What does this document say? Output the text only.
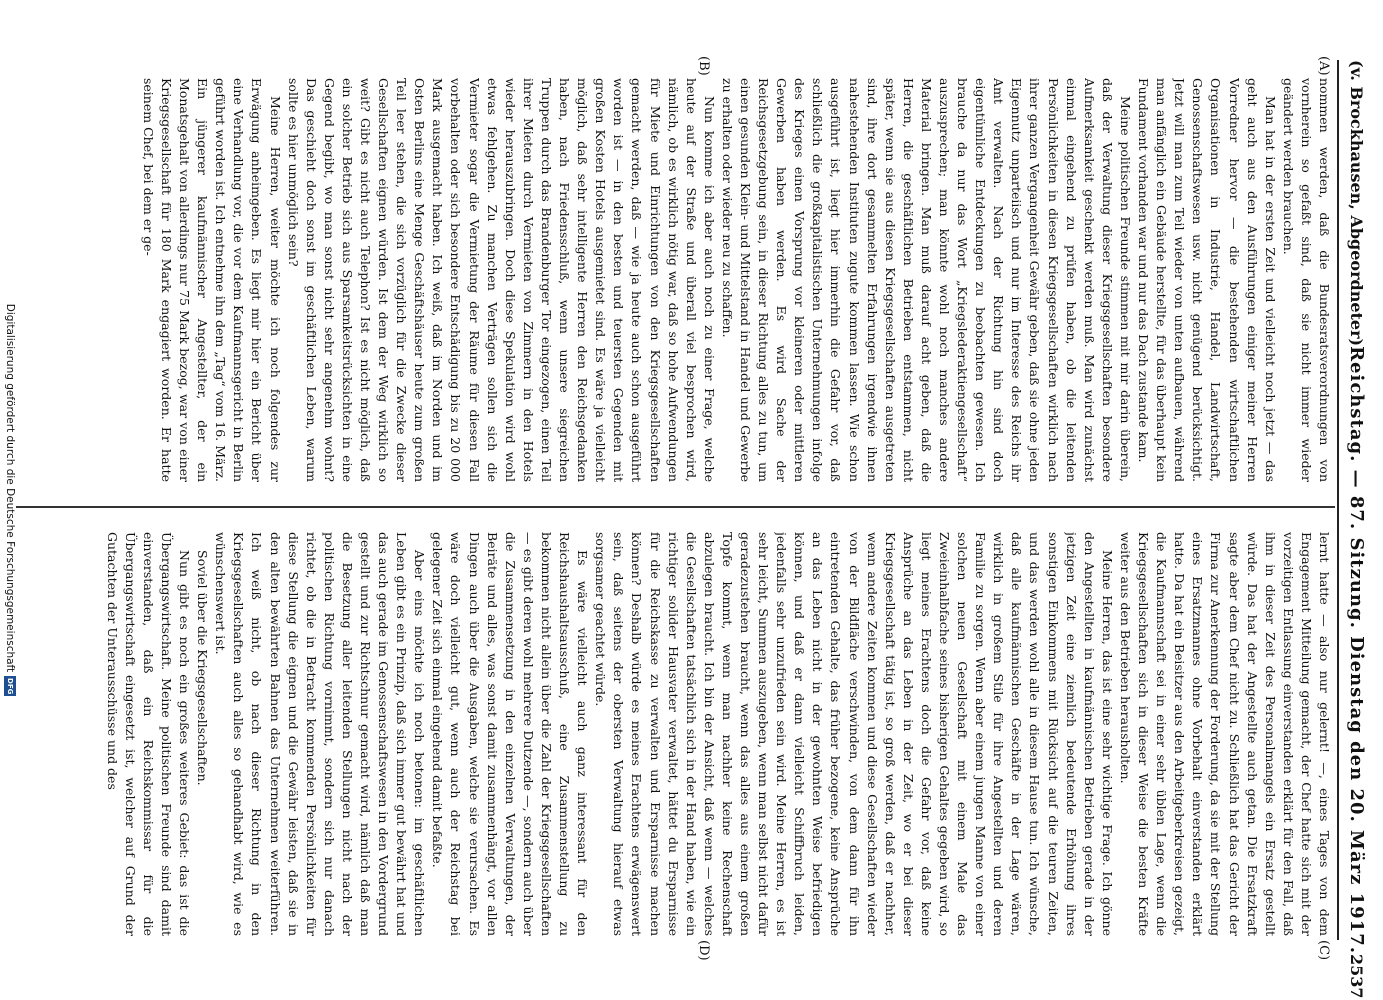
(v. Brockhausen, Abgeordneter)
Reichstag. — 87. Sitzung. Dienstag den 20. März 1917.
2537
(A)
(B)
(C)
(D)

nommen werden, daß die Bundesratsverordnungen von vornherein so gefaßt sind, daß sie nicht immer wieder geändert werden brauchen.

Man hat in der ersten Zeit und vielleicht noch jetzt — das geht auch aus den Ausführungen einiger meiner Herren Vorredner hervor — die bestehenden wirtschaftlichen Organisationen in Industrie, Handel, Landwirtschaft, Genossenschaftswesen usw. nicht genügend berücksichtigt. Jetzt will man zum Teil wieder von unten aufbauen, während man anfänglich ein Gebäude herstellte, für das überhaupt kein Fundament vorhanden war und nur das Dach zustande kam.

Meine politischen Freunde stimmen mit mir darin überein, daß der Verwaltung dieser Kriegsgesellschaften besondere Aufmerksamkeit geschenkt werden muß. Man wird zunächst einmal eingehend zu prüfen haben, ob die leitenden Persönlichkeiten in diesen Kriegsgesellschaften wirklich nach ihrer ganzen Vergangenheit Gewähr geben, daß sie ohne jeden Eigennutz unparteiisch und nur im Interesse des Reichs ihr Amt verwalten. Nach der Richtung hin sind doch eigentümliche Entdeckungen zu beobachten gewesen. Ich brauche da nur das Wort „Kriegslederaktiengesellschaft“ auszusprechen; man könnte wohl noch manches andere Material bringen. Man muß darauf acht geben, daß die Herren, die geschäftlichen Betrieben entstammen, nicht später, wenn sie aus diesen Kriegsgesellschaften ausgetreten sind, ihre dort gesammelten Erfahrungen irgendwie ihnen nahestehenden Instituten zugute kommen lassen. Wie schon ausgeführt ist, liegt hier immerhin die Gefahr vor, daß schließlich die großkapitalistischen Unternehmungen infolge des Krieges einen Vorsprung vor kleineren oder mittleren Gewerben haben werden. Es wird Sache der Reichsgesetzgebung sein, in dieser Richtung alles zu tun, um einen gesunden Klein- und Mittelstand in Handel und Gewerbe zu erhalten oder wieder neu zu schaffen.

Nun komme ich aber auch noch zu einer Frage, welche heute auf der Straße und überall viel besprochen wird, nämlich, ob es wirklich nötig war, daß so hohe Aufwendungen für Miete und Einrichtungen von den Kriegsgesellschaften gemacht werden, daß — wie ja heute auch schon ausgeführt worden ist — in den besten und teuersten Gegenden mit großen Kosten Hotels ausgemietet sind. Es wäre ja vielleicht möglich, daß sehr intelligente Herren den Reichsgedanken haben, nach Friedensschluß, wenn unsere siegreichen Truppen durch das Brandenburger Tor eingezogen, einen Teil ihrer Mieten durch Vermieten von Zimmern in den Hotels wieder herauszubringen. Doch diese Spekulation wird wohl etwas fehlgehen. Zu manchen Verträgen sollen sich die Vermieter sogar die Vermietung der Räume für diesen Fall vorbehalten oder sich besondere Entschädigung bis zu 20 000 Mark ausgemacht haben. Ich weiß, daß im Norden und im Osten Berlins eine Menge Geschäftshäuser heute zum großen Teil leer stehen, die sich vorzüglich für die Zwecke dieser Gesellschaften eignen würden. Ist dem der Weg wirklich so weit? Gibt es nicht auch Telephon? Ist es nicht möglich, daß ein solcher Betrieb sich aus Sparsamkeitsrücksichten in eine Gegend begibt, wo man sonst nicht sehr angenehm wohnt? Das geschieht doch sonst im geschäftlichen Leben, warum sollte es hier unmöglich sein?

Meine Herren, weiter möchte ich noch folgendes zur Erwägung anheimgeben. Es liegt mir hier ein Bericht über eine Verhandlung vor, die vor dem Kaufmannsgericht in Berlin geführt worden ist. Ich entnehme ihn dem „Tag“ vom 16. März. Ein jüngerer kaufmännischer Angestellter, der ein Monatsgehalt von allerdings nur 75 Mark bezog, war von einer Kriegsgesellschaft für 180 Mark engagiert worden. Er hatte seinem Chef, bei dem er ge-

lernt hatte — also nur gelernt! —, eines Tages von dem Engagement Mitteilung gemacht, der Chef hatte sich mit der vorzeitigen Entlassung einverstanden erklärt für den Fall, daß ihm in dieser Zeit des Personalmangels ein Ersatz gestellt würde. Das hat der Angestellte auch getan. Die Ersatzkraft sagte aber dem Chef nicht zu. Schließlich hat das Gericht der Firma zur Anerkennung der Forderung, da sie mit der Stellung eines Ersatzmannes ohne Vorbehalt einverstanden erklärt hatte. Da hat ein Beisitzer aus den Arbeitgeberkreisen gezeigt, die Kaufmannschaft sei in einer sehr üblen Lage, wenn die Kriegsgesellschaften sich in dieser Weise die besten Kräfte weiter aus den Betrieben herausholten.

Meine Herren, das ist eine sehr wichtige Frage. Ich gönne den Angestellten in kaufmännischen Betrieben gerade in der jetzigen Zeit eine ziemlich bedeutende Erhöhung ihres sonstigen Einkommens mit Rücksicht auf die teuren Zeiten, und das werden wohl alle in diesem Hause tun. Ich wünsche, daß alle kaufmännischen Geschäfte in der Lage wären, wirklich in großem Stile für ihre Angestellten und deren Familie zu sorgen. Wenn aber einem jungen Manne von einer solchen neuen Gesellschaft mit einem Male das Zweieinhalbfache seines bisherigen Gehaltes gegeben wird, so liegt meines Erachtens doch die Gefahr vor, daß keine Ansprüche an das Leben in der Zeit, wo er bei dieser Kriegsgesellschaft tätig ist, so groß werden, daß er nachher, wenn andere Zeiten kommen und diese Gesellschaften wieder von der Bildfläche verschwinden, von dem dann für ihn eintretenden Gehalte, das früher bezogene, keine Ansprüche an das Leben nicht in der gewohnten Weise befriedigen können, und daß er dann vielleicht Schiffbruch leiden, jedenfalls sehr unzufrieden sein wird. Meine Herren, es ist sehr leicht, Summen auszugeben, wenn man selbst nicht dafür geradezustehen braucht, wenn das alles aus einem großen Topfe kommt, wenn man nachher keine Rechenschaft abzulegen braucht. Ich bin der Ansicht, daß wenn — welches die Gesellschaften tatsächlich sich in der Hand haben, wie ein richtiger solider Hausvater verwaltet, hättet du Ersparnisse für die Reichskasse zu verwalten und Ersparnisse machen können? Deshalb würde es meines Erachtens erwägenswert sein, daß seitens der obersten Verwaltung hierauf etwas sorgsamer geachtet würde.

Es wäre vielleicht auch ganz interessant für den Reichshaushaltsausschuß, eine Zusammenstellung zu bekommen nicht allein über die Zahl der Kriegsgesellschaften — es gibt deren wohl mehrere Dutzende —, sondern auch über die Zusammensetzung in den einzelnen Verwaltungen, der Beiräte und alles, was sonst damit zusammenhängt, vor allen Dingen auch über die Ausgaben, welche sie verursachen. Es wäre doch vielleicht gut, wenn auch der Reichstag bei gelegener Zeit sich einmal eingehend damit befaßte.

Aber eins möchte ich noch betonen: im geschäftlichen Leben gibt es ein Prinzip, daß sich immer gut bewährt hat und das auch gerade im Genossenschaftswesen in den Vordergrund gestellt und zur Richtschnur gemacht wird, nämlich daß man die Besetzung aller leitenden Stellungen nicht nach der politischen Richtung vornimmt, sondern sich nur danach richtet, ob die in Betracht kommenden Persönlichkeiten für diese Stellung die eignen und die Gewähr leisten, daß sie in den alten bewährten Bahnen das Unternehmen weiterführen. Ich weiß nicht, ob nach dieser Richtung in den Kriegsgesellschaften auch alles so gehandhabt wird, wie es wünschenswert ist.

Soviel über die Kriegsgesellschaften.

Nun gibt es noch ein großes weiteres Gebiet: das ist die Übergangswirtschaft. Meine politischen Freunde sind damit einverstanden, daß ein Reichskommissar für die Übergangswirtschaft eingesetzt ist, welcher auf Grund der Gutachten der Unterausschüsse und des

Digitalisierung gefördert durch die Deutsche Forschungsgemeinschaft
DFG
